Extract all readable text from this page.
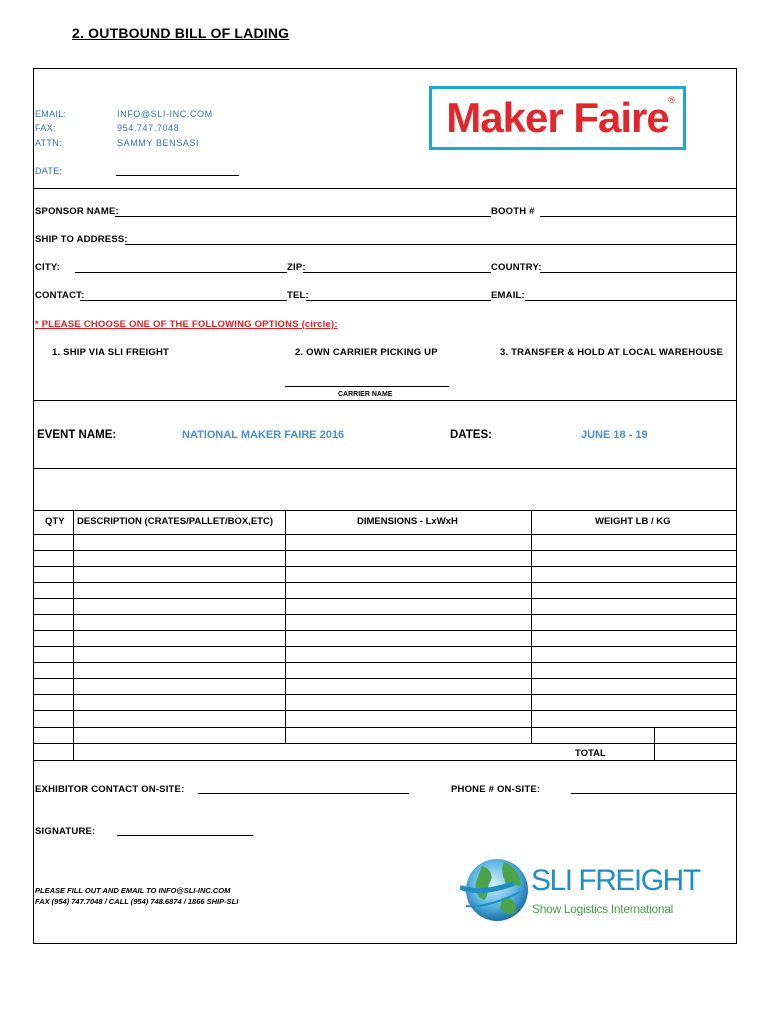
2. OUTBOUND BILL OF LADING
EMAIL:	INFO@SLI-INC.COM
FAX:	954.747.7048
ATTN:	SAMMY BENSASI
DATE:
Maker Faire ®
SPONSOR NAME:	BOOTH #
SHIP TO ADDRESS:
CITY:	ZIP:	COUNTRY:
CONTACT:	TEL:	EMAIL:
* PLEASE CHOOSE ONE OF THE FOLLOWING OPTIONS (circle):
1. SHIP VIA SLI FREIGHT	2. OWN CARRIER PICKING UP	3. TRANSFER & HOLD AT LOCAL WAREHOUSE
CARRIER NAME
EVENT NAME:	NATIONAL MAKER FAIRE 2016	DATES:	JUNE 18 - 19
QTY DESCRIPTION (CRATES/PALLET/BOX,ETC)	DIMENSIONS - LxWxH	WEIGHT LB / KG
TOTAL
EXHIBITOR CONTACT ON-SITE:	PHONE # ON-SITE:
SIGNATURE:
PLEASE FILL OUT AND EMAIL TO INFO@SLI-INC.COM
FAX (954) 747.7048 / CALL (954) 748.6874 / 1866 SHIP-SLI
SLI FREIGHT
Show Logistics International
